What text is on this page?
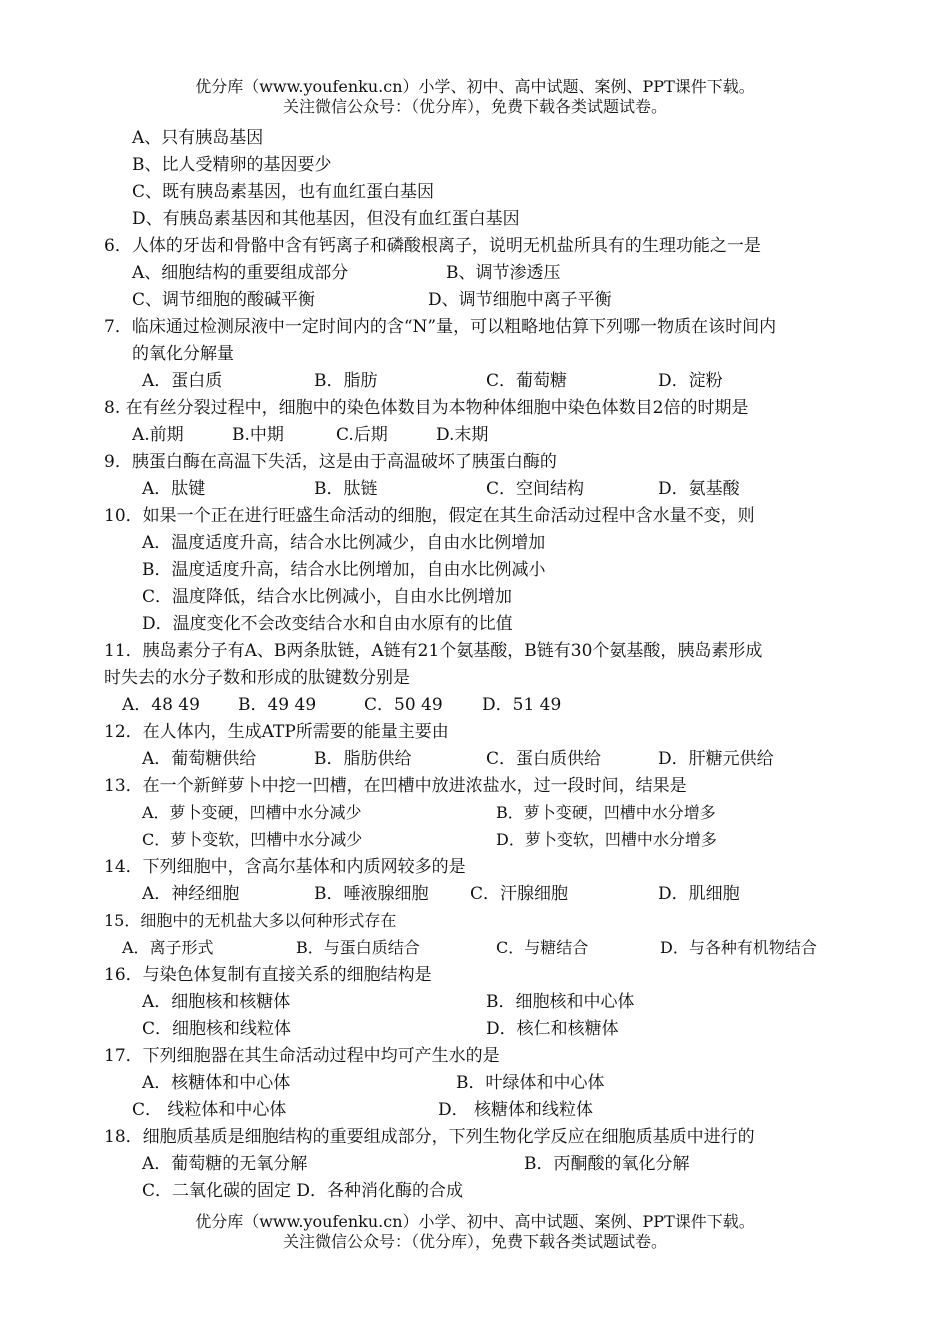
优分库（www.youfenku.cn）小学、初中、高中试题、案例、PPT课件下载。
关注微信公众号：（优分库），免费下载各类试题试卷。
A、只有胰岛基因
B、比人受精卵的基因要少
C、既有胰岛素基因，也有血红蛋白基因
D、有胰岛素基因和其他基因，但没有血红蛋白基因
6．人体的牙齿和骨骼中含有钙离子和磷酸根离子，说明无机盐所具有的生理功能之一是
A、细胞结构的重要组成部分	B、调节渗透压
C、调节细胞的酸碱平衡	D、调节细胞中离子平衡
7．临床通过检测尿液中一定时间内的含“N”量，可以粗略地估算下列哪一物质在该时间内
的氧化分解量
A．蛋白质	B．脂肪	C．葡萄糖	D．淀粉
8. 在有丝分裂过程中，细胞中的染色体数目为本物种体细胞中染色体数目2倍的时期是
A.前期	B.中期	C.后期	D.末期
9．胰蛋白酶在高温下失活，这是由于高温破坏了胰蛋白酶的
A．肽键	B．肽链	C．空间结构	D．氨基酸
10．如果一个正在进行旺盛生命活动的细胞，假定在其生命活动过程中含水量不变，则
A．温度适度升高，结合水比例减少，自由水比例增加
B．温度适度升高，结合水比例增加，自由水比例减小
C．温度降低，结合水比例减小，自由水比例增加
D．温度变化不会改变结合水和自由水原有的比值
11．胰岛素分子有A、B两条肽链，A链有21个氨基酸，B链有30个氨基酸，胰岛素形成
时失去的水分子数和形成的肽键数分别是
A．48 49 B．49 49	C．50 49 D．51 49
12．在人体内，生成ATP所需要的能量主要由
A．葡萄糖供给	B．脂肪供给	C．蛋白质供给	D．肝糖元供给
13．在一个新鲜萝卜中挖一凹槽，在凹槽中放进浓盐水，过一段时间，结果是
A．萝卜变硬，凹槽中水分减少	B．萝卜变硬，凹槽中水分增多
C．萝卜变软，凹槽中水分减少	D．萝卜变软，凹槽中水分增多
14．下列细胞中，含高尔基体和内质网较多的是
A．神经细胞	B．唾液腺细胞 C．汗腺细胞	D．肌细胞
15．细胞中的无机盐大多以何种形式存在
A．离子形式	B．与蛋白质结合	C．与糖结合	D．与各种有机物结合
16．与染色体复制有直接关系的细胞结构是
A．细胞核和核糖体	B．细胞核和中心体
C．细胞核和线粒体	D．核仁和核糖体
17．下列细胞器在其生命活动过程中均可产生水的是
A．核糖体和中心体	B．叶绿体和中心体
C． 线粒体和中心体	D． 核糖体和线粒体
18．细胞质基质是细胞结构的重要组成部分，下列生物化学反应在细胞质基质中进行的
A．葡萄糖的无氧分解	B．丙酮酸的氧化分解
C．二氧化碳的固定 D．各种消化酶的合成
优分库（www.youfenku.cn）小学、初中、高中试题、案例、PPT课件下载。
关注微信公众号：（优分库），免费下载各类试题试卷。
